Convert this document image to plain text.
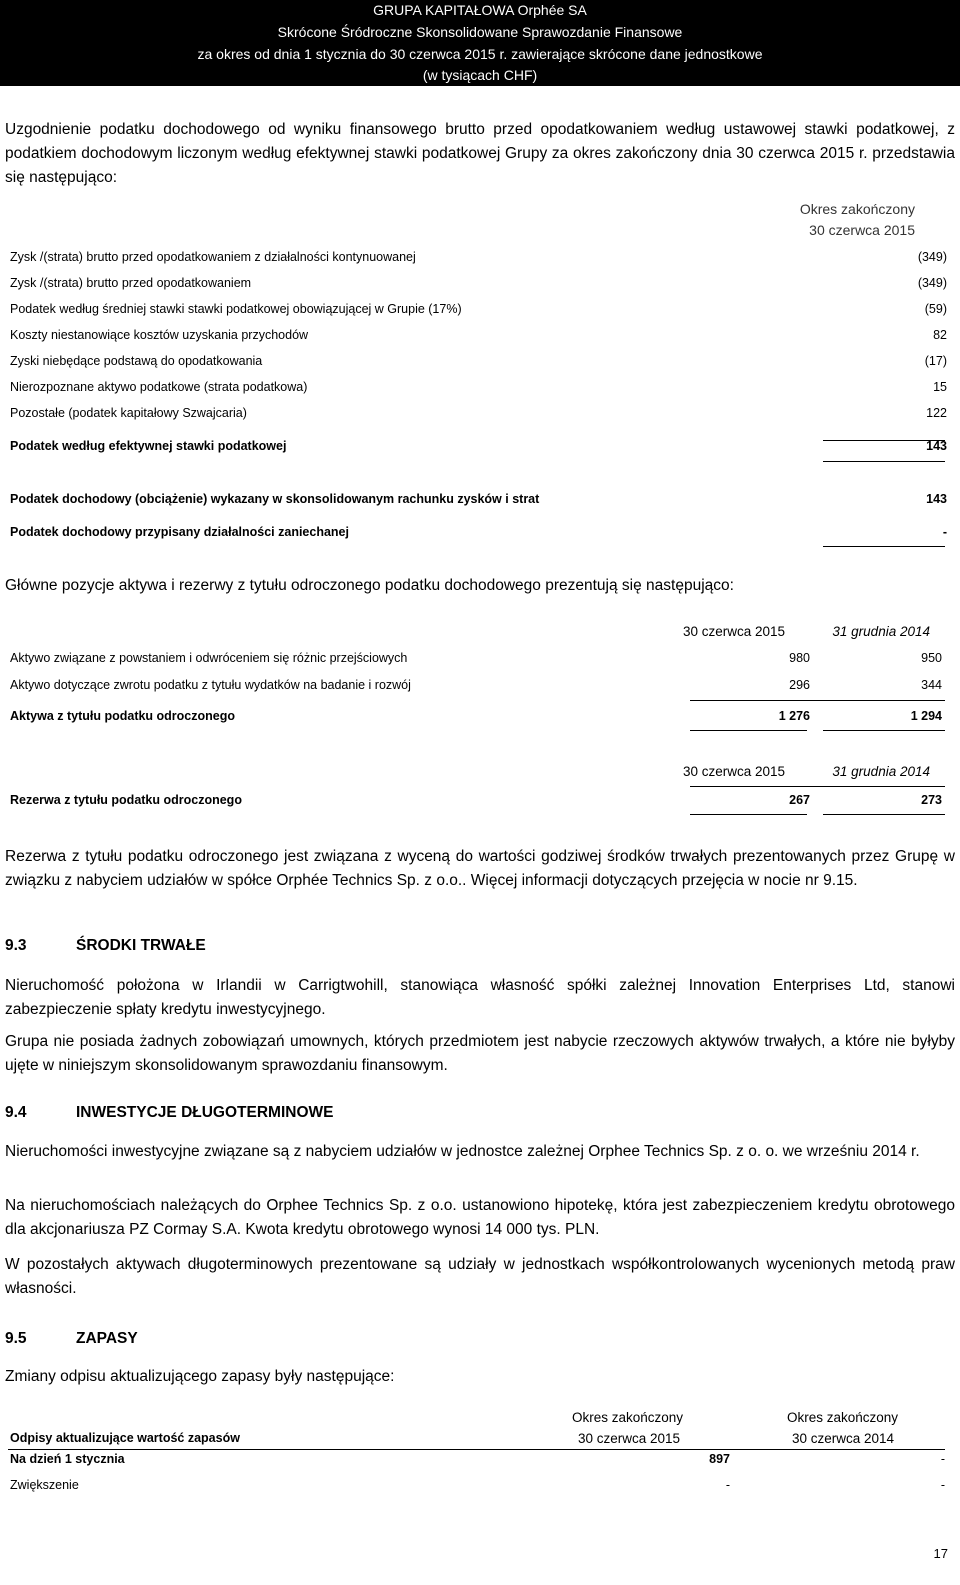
GRUPA KAPITAŁOWA Orphée SA
Skrócone Śródroczne Skonsolidowane Sprawozdanie Finansowe
za okres od dnia 1 stycznia do 30 czerwca 2015 r. zawierające skrócone dane jednostkowe
(w tysiącach CHF)
Uzgodnienie podatku dochodowego od wyniku finansowego brutto przed opodatkowaniem według ustawowej stawki podatkowej, z podatkiem dochodowym liczonym według efektywnej stawki podatkowej Grupy za okres zakończony dnia 30 czerwca 2015 r. przedstawia się następująco:
Okres zakończony
30 czerwca 2015
Zysk /(strata) brutto przed opodatkowaniem z działalności kontynuowanej	(349)
Zysk /(strata) brutto przed opodatkowaniem	(349)
Podatek według średniej stawki stawki podatkowej obowiązującej w Grupie (17%)	(59)
Koszty niestanowiące kosztów uzyskania przychodów	82
Zyski niebędące podstawą do opodatkowania	(17)
Nierozpoznane aktywo podatkowe (strata podatkowa)	15
Pozostałe (podatek kapitałowy Szwajcaria)	122
Podatek według efektywnej stawki podatkowej	143
Podatek dochodowy (obciążenie) wykazany w skonsolidowanym rachunku zysków i strat	143
Podatek dochodowy przypisany działalności zaniechanej	-
Główne pozycje aktywa i rezerwy z tytułu odroczonego podatku dochodowego prezentują się następująco:
30 czerwca 2015	31 grudnia 2014
Aktywo związane z powstaniem i odwróceniem się różnic przejściowych	980	950
Aktywo dotyczące zwrotu podatku z tytułu wydatków na badanie i rozwój	296	344
Aktywa z tytułu podatku odroczonego	1 276	1 294
30 czerwca 2015	31 grudnia 2014
Rezerwa z tytułu podatku odroczonego	267	273
Rezerwa z tytułu podatku odroczonego jest związana z wyceną do wartości godziwej środków trwałych prezentowanych przez Grupę w związku z nabyciem udziałów w spółce Orphée Technics Sp. z o.o.. Więcej informacji dotyczących przejęcia w nocie nr 9.15.
9.3	ŚRODKI TRWAŁE
Nieruchomość położona w Irlandii w Carrigtwohill, stanowiąca własność spółki zależnej Innovation Enterprises Ltd, stanowi zabezpieczenie spłaty kredytu inwestycyjnego.
Grupa nie posiada żadnych zobowiązań umownych, których przedmiotem jest nabycie rzeczowych aktywów trwałych, a które nie byłyby ujęte w niniejszym skonsolidowanym sprawozdaniu finansowym.
9.4	INWESTYCJE DŁUGOTERMINOWE
Nieruchomości inwestycyjne związane są z nabyciem udziałów w jednostce zależnej Orphee Technics Sp. z o. o. we wrześniu 2014 r.
Na nieruchomościach należących do Orphee Technics Sp. z o.o. ustanowiono hipotekę, która jest zabezpieczeniem kredytu obrotowego dla akcjonariusza PZ Cormay S.A. Kwota kredytu obrotowego wynosi 14 000 tys. PLN.
W pozostałych aktywach długoterminowych prezentowane są udziały w jednostkach współkontrolowanych wycenionych metodą praw własności.
9.5	ZAPASY
Zmiany odpisu aktualizującego zapasy były następujące:
Okres zakończony
30 czerwca 2015
Okres zakończony
30 czerwca 2014
Odpisy aktualizujące wartość zapasów
Na dzień 1 stycznia	897	-
Zwiększenie	-	-
17
